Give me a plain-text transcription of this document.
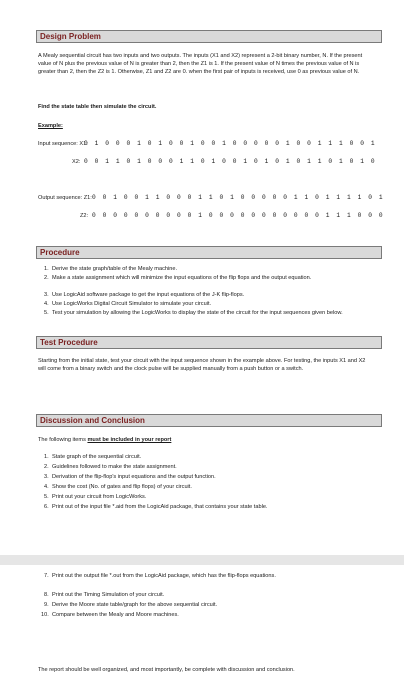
Design Problem
A Mealy sequential circuit has two inputs and two outputs. The inputs (X1 and X2) represent a 2-bit binary number, N. If the present value of N plus the previous value of N is greater than 2, then the Z1 is 1. If the present value of N times the previous value of N is greater than 2, then the Z2 is 1. Otherwise, Z1 and Z2 are 0. when the first pair of inputs is received, use 0 as previous value of N.
Find the state table then simulate the circuit.
Example:
Input sequence: X1:
0 1 0 0 0 1 0 1 0 0 1 0 0 1 0 0 0 0 0 1 0 0 1 1 1 0 0 1
X2: 0 0 1 1 0 1 0 0 0 1 1 0 1 0 0 1 0 1 0 1 0 1 1 0 1 0 1 0
Output sequence: Z1: 0 0 1 0 0 1 1 0 0 0 1 1 0 1 0 0 0 0 0 1 1 0 1 1 1 1 0 1
Z2: 0 0 0 0 0 0 0 0 0 0 1 0 0 0 0 0 0 0 0 0 0 0 1 1 1 0 0 0
Procedure
1. Derive the state graph/table of the Mealy machine.
2. Make a state assignment which will minimize the input equations of the flip flops and the output equation.
3. Use LogicAid software package to get the input equations of the J-K flip-flops.
4. Use LogicWorks Digital Circuit Simulator to simulate your circuit.
5. Test your simulation by allowing the LogicWorks to display the state of the circuit for the input sequences given below.
Test Procedure
Starting from the initial state, test your circuit with the input sequence shown in the example above. For testing, the inputs X1 and X2 will come from a binary switch and the clock pulse will be supplied manually from a push button or a switch.
Discussion and Conclusion
The following items must be included in your report
1. State graph of the sequential circuit.
2. Guidelines followed to make the state assignment.
3. Derivation of the flip-flop's input equations and the output function.
4. Show the cost (No. of gates and flip flops) of your circuit.
5. Print out your circuit from LogicWorks.
6. Print out of the input file *.aid from the LogicAid package, that contains your state table.
7. Print out the output file *.out from the LogicAid package, which has the flip-flops equations.
8. Print out the Timing Simulation of your circuit.
9. Derive the Moore state table/graph for the above sequential circuit.
10. Compare between the Mealy and Moore machines.
The report should be well organized, and most importantly, be complete with discussion and conclusion.
